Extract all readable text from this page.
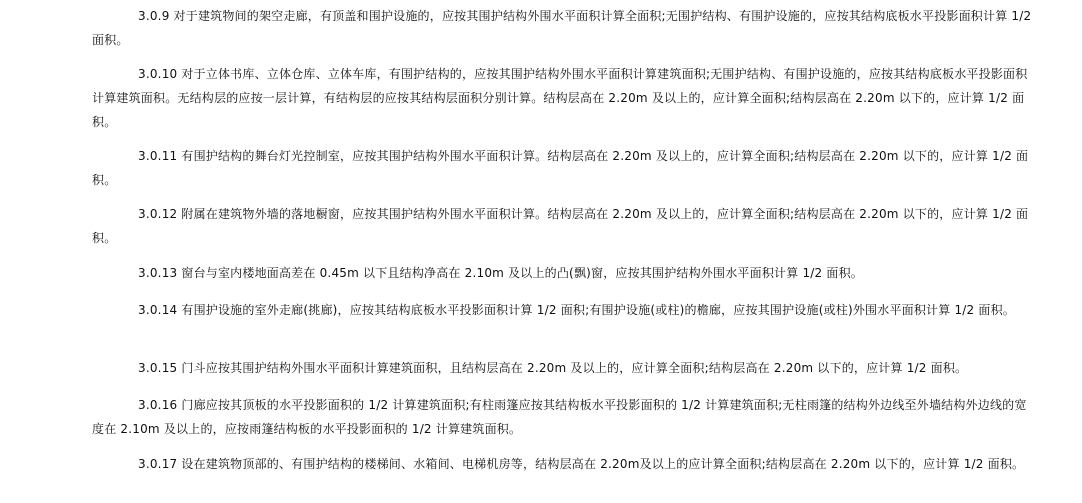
3.0.9 对于建筑物间的架空走廊，有顶盖和围护设施的，应按其围护结构外围水平面积计算全面积;无围护结构、有围护设施的，应按其结构底板水平投影面积计算 1/2 面积。

3.0.10 对于立体书库、立体仓库、立体车库，有围护结构的，应按其围护结构外围水平面积计算建筑面积;无围护结构、有围护设施的，应按其结构底板水平投影面积计算建筑面积。无结构层的应按一层计算，有结构层的应按其结构层面积分别计算。结构层高在 2.20m 及以上的，应计算全面积;结构层高在 2.20m 以下的，应计算 1/2 面积。

3.0.11 有围护结构的舞台灯光控制室，应按其围护结构外围水平面积计算。结构层高在 2.20m 及以上的，应计算全面积;结构层高在 2.20m 以下的，应计算 1/2 面积。

3.0.12 附属在建筑物外墙的落地橱窗，应按其围护结构外围水平面积计算。结构层高在 2.20m 及以上的，应计算全面积;结构层高在 2.20m 以下的，应计算 1/2 面积。

3.0.13 窗台与室内楼地面高差在 0.45m 以下且结构净高在 2.10m 及以上的凸(飘)窗，应按其围护结构外围水平面积计算 1/2 面积。

3.0.14 有围护设施的室外走廊(挑廊)，应按其结构底板水平投影面积计算 1/2 面积;有围护设施(或柱)的檐廊，应按其围护设施(或柱)外围水平面积计算 1/2 面积。

3.0.15 门斗应按其围护结构外围水平面积计算建筑面积，且结构层高在 2.20m 及以上的，应计算全面积;结构层高在 2.20m 以下的，应计算 1/2 面积。

3.0.16 门廊应按其顶板的水平投影面积的 1/2 计算建筑面积;有柱雨篷应按其结构板水平投影面积的 1/2 计算建筑面积;无柱雨篷的结构外边线至外墙结构外边线的宽度在 2.10m 及以上的，应按雨篷结构板的水平投影面积的 1/2 计算建筑面积。

3.0.17 设在建筑物顶部的、有围护结构的楼梯间、水箱间、电梯机房等，结构层高在 2.20m及以上的应计算全面积;结构层高在 2.20m 以下的，应计算 1/2 面积。
